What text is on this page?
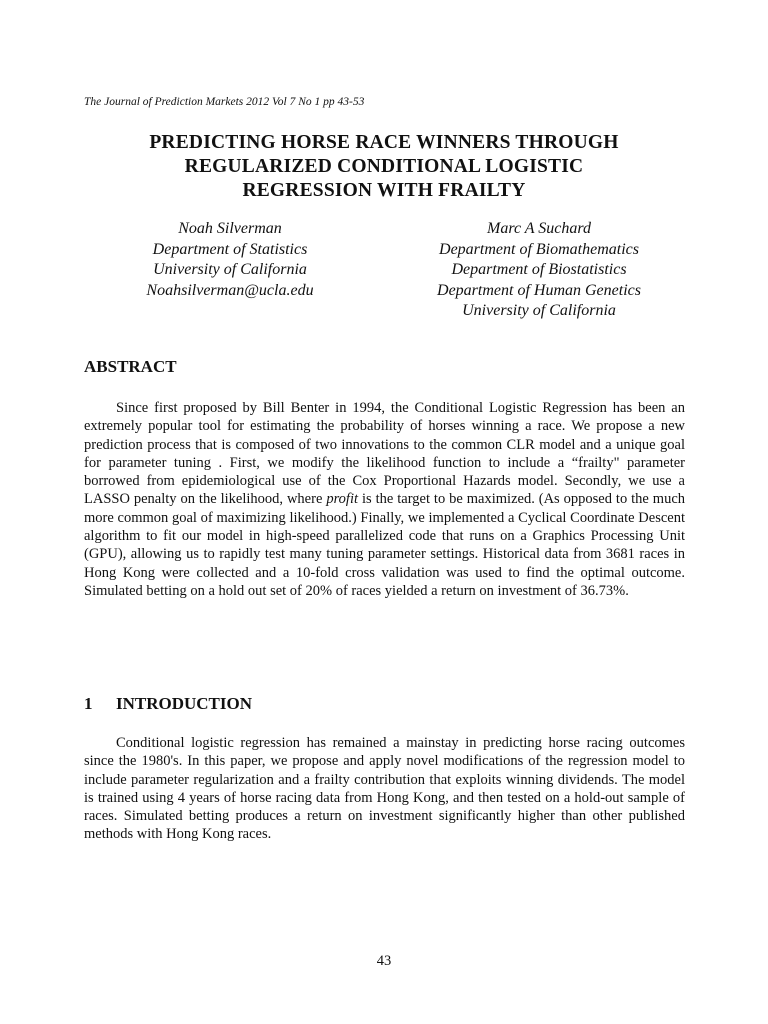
The Journal of Prediction Markets 2012 Vol 7 No 1 pp 43-53
PREDICTING HORSE RACE WINNERS THROUGH
REGULARIZED CONDITIONAL LOGISTIC
REGRESSION WITH FRAILTY
Noah Silverman
Department of Statistics
University of California
Noahsilverman@ucla.edu
Marc A Suchard
Department of Biomathematics
Department of Biostatistics
Department of Human Genetics
University of California
ABSTRACT

Since first proposed by Bill Benter in 1994, the Conditional Logistic Regression has been an extremely popular tool for estimating the probability of horses winning a race. We propose a new prediction process that is composed of two innovations to the common CLR model and a unique goal for parameter tuning . First, we modify the likelihood function to include a “frailty" parameter borrowed from epidemiological use of the Cox Proportional Hazards model. Secondly, we use a LASSO penalty on the likelihood, where profit is the target to be maximized. (As opposed to the much more common goal of maximizing likelihood.) Finally, we implemented a Cyclical Coordinate Descent algorithm to fit our model in high-speed parallelized code that runs on a Graphics Processing Unit (GPU), allowing us to rapidly test many tuning parameter settings. Historical data from 3681 races in Hong Kong were collected and a 10-fold cross validation was used to find the optimal outcome. Simulated betting on a hold out set of 20% of races yielded a return on investment of 36.73%.

1 INTRODUCTION

Conditional logistic regression has remained a mainstay in predicting horse racing outcomes since the 1980's. In this paper, we propose and apply novel modifications of the regression model to include parameter regularization and a frailty contribution that exploits winning dividends. The model is trained using 4 years of horse racing data from Hong Kong, and then tested on a hold-out sample of races. Simulated betting produces a return on investment significantly higher than other published methods with Hong Kong races.

43
